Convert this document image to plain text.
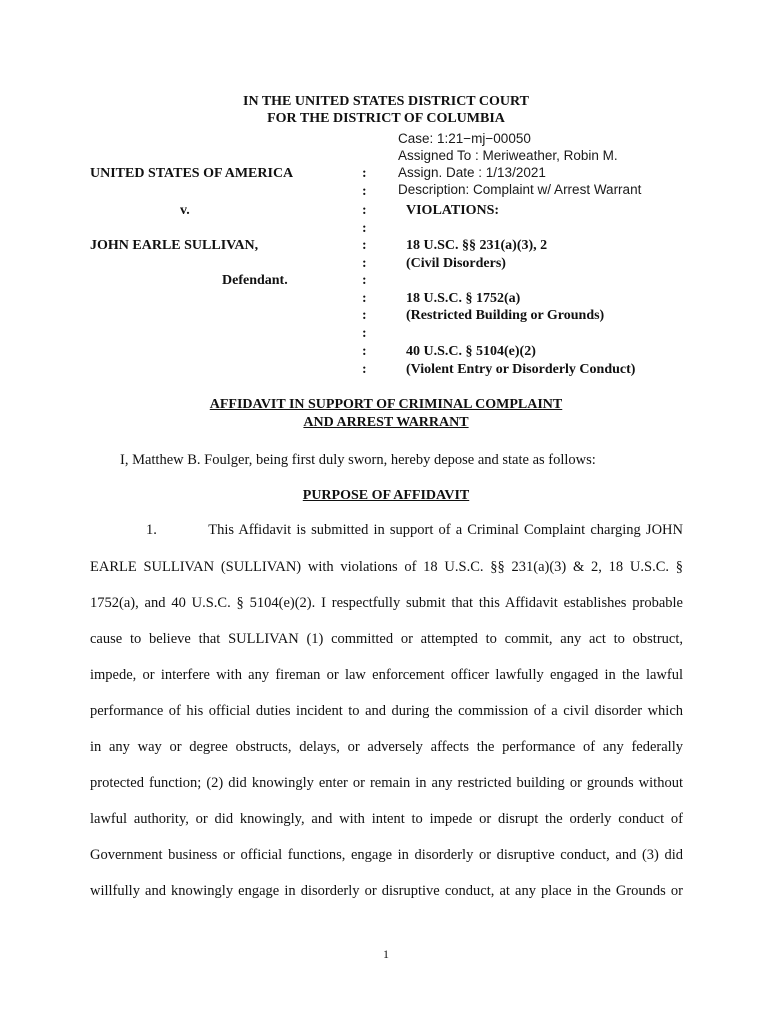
IN THE UNITED STATES DISTRICT COURT
FOR THE DISTRICT OF COLUMBIA
Case: 1:21−mj−00050
Assigned To : Meriweather, Robin M.
Assign. Date : 1/13/2021
Description: Complaint w/ Arrest Warrant
UNITED STATES OF AMERICA
v.
JOHN EARLE SULLIVAN,
Defendant.
:
:
:
:
:
:
:
:
:
:
:
:
VIOLATIONS:
18 U.SC. §§ 231(a)(3), 2
(Civil Disorders)
18 U.S.C. § 1752(a)
(Restricted Building or Grounds)
40 U.S.C. § 5104(e)(2)
(Violent Entry or Disorderly Conduct)
AFFIDAVIT IN SUPPORT OF CRIMINAL COMPLAINT
AND ARREST WARRANT
I, Matthew B. Foulger, being first duly sworn, hereby depose and state as follows:
PURPOSE OF AFFIDAVIT
1.          This Affidavit is submitted in support of a Criminal Complaint charging JOHN
EARLE SULLIVAN (SULLIVAN) with violations of 18 U.S.C. §§ 231(a)(3) & 2, 18 U.S.C. §
1752(a), and 40 U.S.C. § 5104(e)(2). I respectfully submit that this Affidavit establishes probable
cause to believe that SULLIVAN (1) committed or attempted to commit, any act to obstruct,
impede, or interfere with any fireman or law enforcement officer lawfully engaged in the lawful
performance of his official duties incident to and during the commission of a civil disorder which
in any way or degree obstructs, delays, or adversely affects the performance of any federally
protected function; (2) did knowingly enter or remain in any restricted building or grounds without
lawful authority, or did knowingly, and with intent to impede or disrupt the orderly conduct of
Government business or official functions, engage in disorderly or disruptive conduct, and (3) did
willfully and knowingly engage in disorderly or disruptive conduct, at any place in the Grounds or
1
